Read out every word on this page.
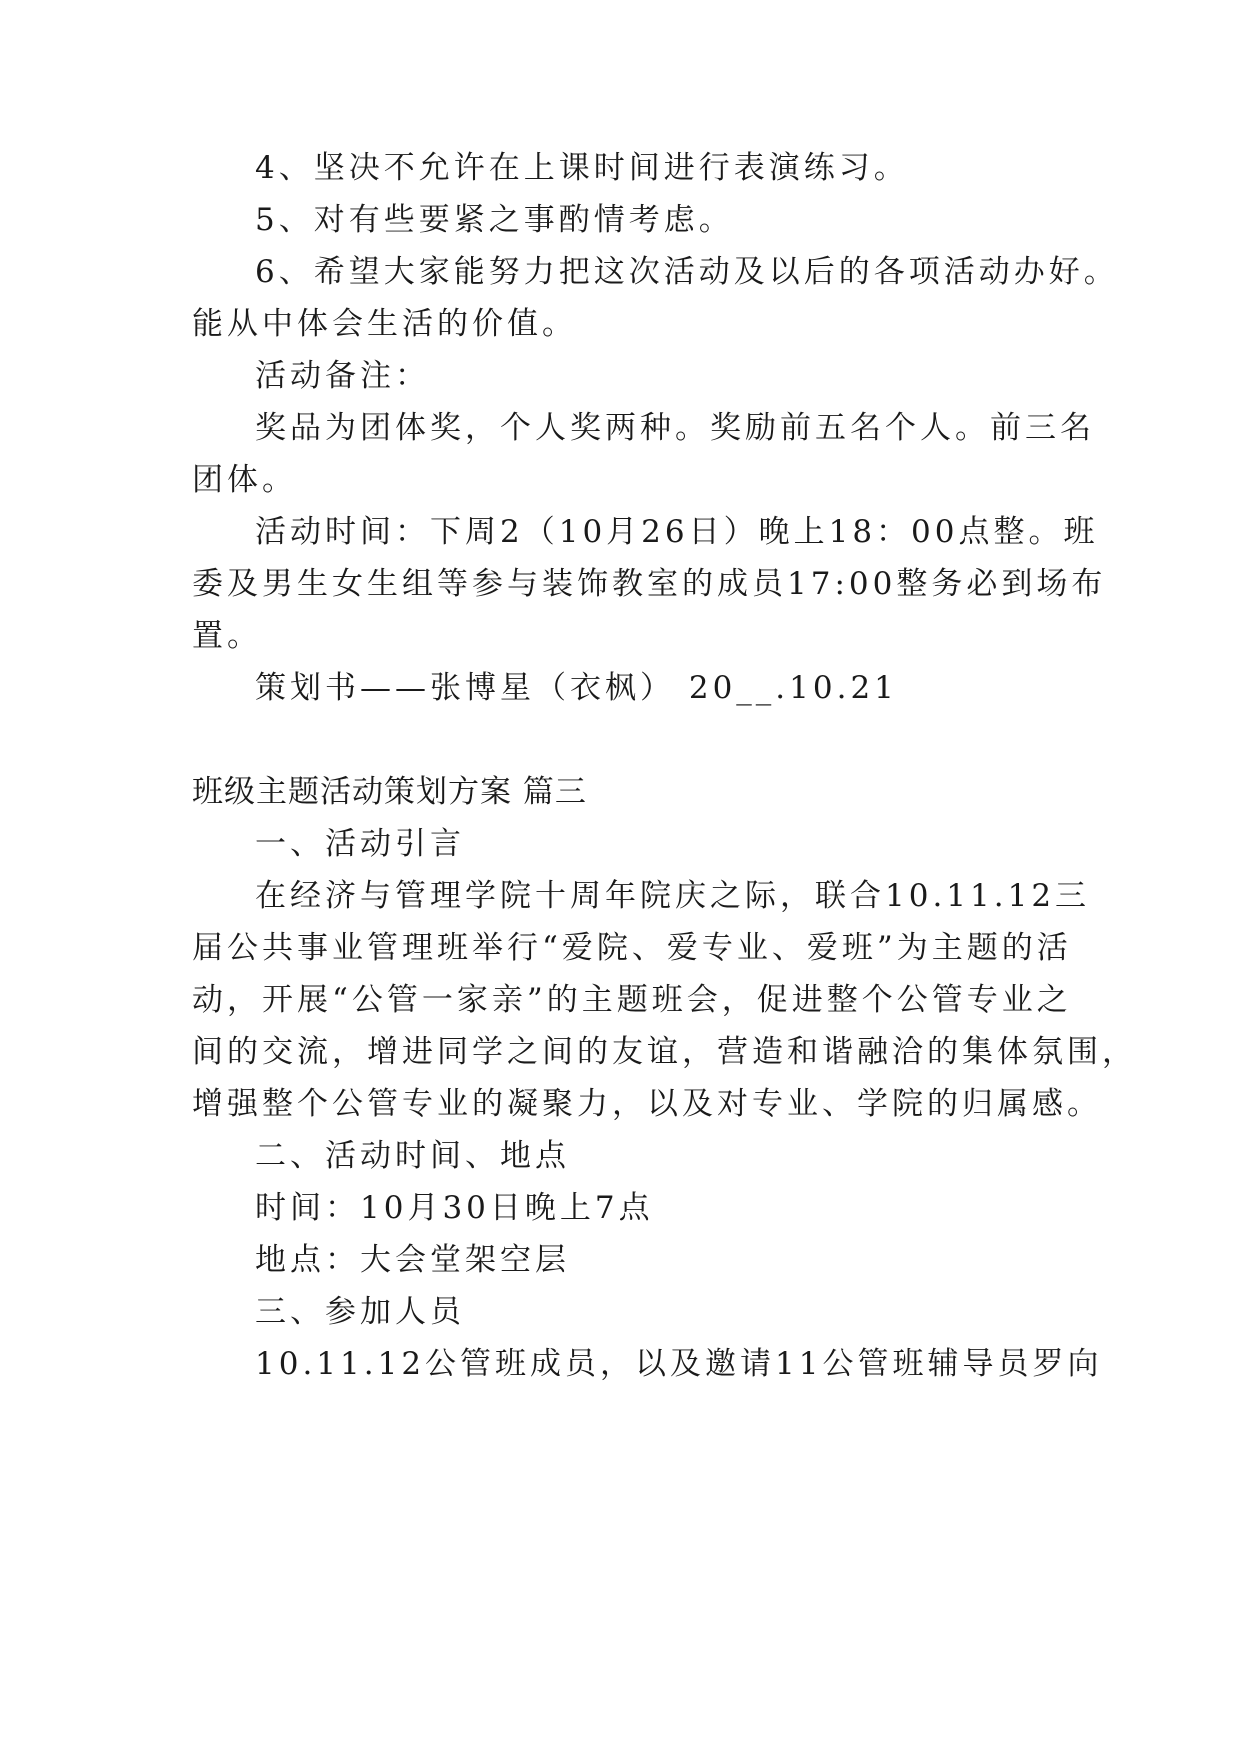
4、坚决不允许在上课时间进行表演练习。
5、对有些要紧之事酌情考虑。
6、希望大家能努力把这次活动及以后的各项活动办好。
能从中体会生活的价值。
活动备注：
奖品为团体奖，个人奖两种。奖励前五名个人。前三名
团体。
活动时间：下周2（10月26日）晚上18：00点整。班
委及男生女生组等参与装饰教室的成员17:00整务必到场布
置。
策划书——张博星（衣枫） 20__.10.21
班级主题活动策划方案 篇三
一、活动引言
在经济与管理学院十周年院庆之际，联合10.11.12三
届公共事业管理班举行“爱院、爱专业、爱班”为主题的活
动，开展“公管一家亲”的主题班会，促进整个公管专业之
间的交流，增进同学之间的友谊，营造和谐融洽的集体氛围，
增强整个公管专业的凝聚力，以及对专业、学院的归属感。
二、活动时间、地点
时间：10月30日晚上7点
地点：大会堂架空层
三、参加人员
10.11.12公管班成员，以及邀请11公管班辅导员罗向
